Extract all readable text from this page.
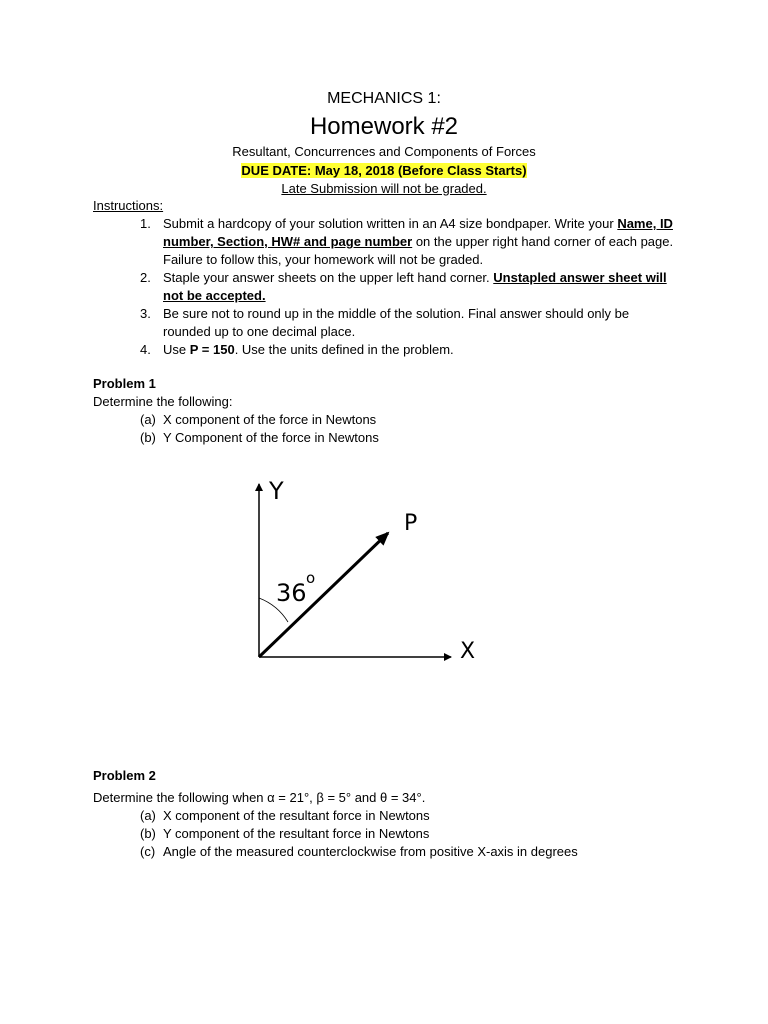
MECHANICS 1:
Homework #2
Resultant, Concurrences and Components of Forces
DUE DATE: May 18, 2018 (Before Class Starts)
Late Submission will not be graded.
Instructions:
1. Submit a hardcopy of your solution written in an A4 size bondpaper. Write your Name, ID number, Section, HW# and page number on the upper right hand corner of each page. Failure to follow this, your homework will not be graded.
2. Staple your answer sheets on the upper left hand corner. Unstapled answer sheet will not be accepted.
3. Be sure not to round up in the middle of the solution. Final answer should only be rounded up to one decimal place.
4. Use P = 150. Use the units defined in the problem.
Problem 1
Determine the following:
(a) X component of the force in Newtons
(b) Y Component of the force in Newtons
Y
X
P
36
o
Problem 2
Determine the following when α = 21°, β = 5° and θ = 34°.
(a) X component of the resultant force in Newtons
(b) Y component of the resultant force in Newtons
(c) Angle of the measured counterclockwise from positive X-axis in degrees
